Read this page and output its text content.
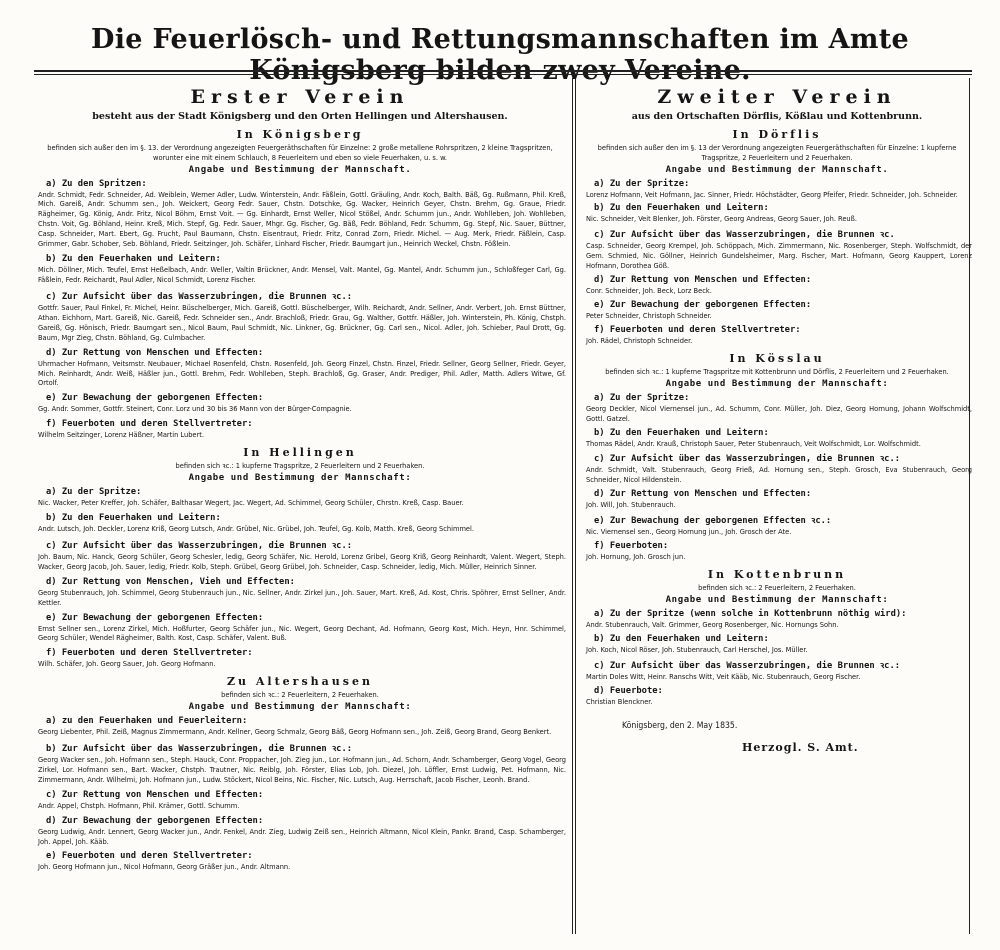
Die Feuerlösch- und Rettungsmannschaften im Amte
Erster Verein
besteht aus der Stadt Königsberg und den Orten Hellingen und Altershausen.
In Königsberg
befinden sich außer den im §. 13. der Verordnung angezeigten Feuergeräthschaften für Einzelne: 2 große metallene Rohrspritzen, 2 kleine Tragspritzen, worunter eine mit einem Schlauch, 8 Feuerleitern und eben so viele Feuerhaken, u. s. w.
Angabe und Bestimmung der Mannschaft.
a) Zu den Spritzen:
Andr. Schmidt, Fedr. Schneider, Ad. Weiblein, Werner Adler, Ludw. Winterstein, Andr. Fäßlein, Gottl. Gräuling, Andr. Koch, Balth. Bäß, Gg. Rußmann, Phil. Kreß, Mich. Gareiß, Andr. Schumm sen., Joh. Weickert, Georg Fedr. Sauer, Chstn. Dotschke, Gg. Wacker, Heinrich Geyer, Chstn. Brehm, Gg. Graue, Friedr. Rägheimer, Gg. König, Andr. Fritz, Nicol Böhm, Ernst Voit. — Gg. Einhardt, Ernst Weller, Nicol Stößel, Andr. Schumm jun., Andr. Wohlleben, Joh. Wohlleben, Chstn. Voit, Gg. Böhland, Heinr. Kreß, Mich. Stepf, Gg. Fedr. Sauer, Mhgr. Gg. Fischer, Gg. Bäß, Fedr. Böhland, Fedr. Schumm, Gg. Stepf, Nic. Sauer, Büttner, Casp. Schneider, Mart. Ebert, Gg. Frucht, Paul Baumann, Chstn. Eisentraut, Friedr. Fritz, Conrad Zorn, Friedr. Michel. — Aug. Merk, Friedr. Fäßlein, Casp. Grimmer, Gabr. Schober, Seb. Böhland, Friedr. Seitzinger, Joh. Schäfer, Linhard Fischer, Friedr. Baumgart jun., Heinrich Weckel, Chstn. Fößlein.
b) Zu den Feuerhaken und Leitern:
Mich. Döllner, Mich. Teufel, Ernst Heßelbach, Andr. Weller, Valtin Brückner, Andr. Mensel, Valt. Mantel, Gg. Mantel, Andr. Schumm jun., Schloßfeger Carl, Gg. Fäßlein, Fedr. Reichardt, Paul Adler, Nicol Schmidt, Lorenz Fischer.
c) Zur Aufsicht über das Wasserzubringen, die Brunnen ꝛc.:
Gottfr. Sauer, Paul Finkel, Fr. Michel, Heinr. Büschelberger, Mich. Gareiß, Gottl. Büschelberger, Wilh. Reichardt, Andr. Sellner, Andr. Verbert, Joh. Ernst Büttner, Athan. Eichhorn, Mart. Gareiß, Nic. Gareiß, Fedr. Schneider sen., Andr. Brachloß, Friedr. Grau, Gg. Walther, Gottfr. Häßler, Joh. Winterstein, Ph. König, Chstph. Gareiß, Gg. Hönisch, Friedr. Baumgart sen., Nicol Baum, Paul Schmidt, Nic. Linkner, Gg. Brückner, Gg. Carl sen., Nicol. Adler, Joh. Schieber, Paul Drott, Gg. Baum, Mgr Zieg, Chstn. Böhland, Gg. Culmbacher.
d) Zur Rettung von Menschen und Effecten:
Uhrmacher Hofmann, Veitsmstr. Neubauer, Michael Rosenfeld, Chstn. Rosenfeld, Joh. Georg Finzel, Chstn. Finzel, Friedr. Sellner, Georg Sellner, Friedr. Geyer, Mich. Reinhardt, Andr. Weiß, Häßler jun., Gottl. Brehm, Fedr. Wohlleben, Steph. Brachloß, Gg. Graser, Andr. Prediger, Phil. Adler, Matth. Adlers Witwe, Gf. Ortolf.
e) Zur Bewachung der geborgenen Effecten:
Gg. Andr. Sommer, Gottfr. Steinert, Conr. Lorz und 30 bis 36 Mann von der Bürger-Compagnie.
f) Feuerboten und deren Stellvertreter:
Wilhelm Seitzinger, Lorenz Häßner, Martin Lubert.
In Hellingen
befinden sich ꝛc.: 1 kupferne Tragspritze, 2 Feuerleitern und 2 Feuerhaken.
Angabe und Bestimmung der Mannschaft:
a) Zu der Spritze:
Nic. Wacker, Peter Kreffer, Joh. Schäfer, Balthasar Wegert, Jac. Wegert, Ad. Schimmel, Georg Schüler, Chrstn. Kreß, Casp. Bauer.
b) Zu den Feuerhaken und Leitern:
Andr. Lutsch, Joh. Deckler, Lorenz Kriß, Georg Lutsch, Andr. Grübel, Nic. Grübel, Joh. Teufel, Gg. Kolb, Matth. Kreß, Georg Schimmel.
c) Zur Aufsicht über das Wasserzubringen, die Brunnen ꝛc.:
Joh. Baum, Nic. Hanck, Georg Schüler, Georg Schesler, ledig, Georg Schäfer, Nic. Herold, Lorenz Gribel, Georg Kriß, Georg Reinhardt, Valent. Wegert, Steph. Wacker, Georg Jacob, Joh. Sauer, ledig, Friedr. Kolb, Steph. Grübel, Georg Grübel, Joh. Schneider, Casp. Schneider, ledig, Mich. Müller, Heinrich Sinner.
d) Zur Rettung von Menschen, Vieh und Effecten:
Georg Stubenrauch, Joh. Schimmel, Georg Stubenrauch jun., Nic. Sellner, Andr. Zirkel jun., Joh. Sauer, Mart. Kreß, Ad. Kost, Chris. Spöhrer, Ernst Sellner, Andr. Kettler.
e) Zur Bewachung der geborgenen Effecten:
Ernst Sellner sen., Lorenz Zirkel, Mich. Hoßfurter, Georg Schäfer jun., Nic. Wegert, Georg Dechant, Ad. Hofmann, Georg Kost, Mich. Heyn, Hnr. Schimmel, Georg Schüler, Wendel Rägheimer, Balth. Kost, Casp. Schäfer, Valent. Buß.
f) Feuerboten und deren Stellvertreter:
Wilh. Schäfer, Joh. Georg Sauer, Joh. Georg Hofmann.
Zu Altershausen
befinden sich ꝛc.: 2 Feuerleitern, 2 Feuerhaken.
Angabe und Bestimmung der Mannschaft:
a) zu den Feuerhaken und Feuerleitern:
Georg Liebenter, Phil. Zeiß, Magnus Zimmermann, Andr. Kellner, Georg Schmalz, Georg Bäß, Georg Hofmann sen., Joh. Zeiß, Georg Brand, Georg Benkert.
b) Zur Aufsicht über das Wasserzubringen, die Brunnen ꝛc.:
Georg Wacker sen., Joh. Hofmann sen., Steph. Hauck, Conr. Proppacher, Joh. Zieg jun., Lor. Hofmann jun., Ad. Schorn, Andr. Schamberger, Georg Vogel, Georg Zirkel, Lor. Hofmann sen., Bart. Wacker, Chstph. Trautner, Nic. Reiblg, Joh. Förster, Elias Lob, Joh. Diezel, Joh. Löffler, Ernst Ludwig, Pet. Hofmann, Nic. Zimmermann, Andr. Wilhelmi, Joh. Hofmann jun., Ludw. Stöckert, Nicol Beins, Nic. Fischer, Nic. Lutsch, Aug. Herrschaft, Jacob Fischer, Leonh. Brand.
c) Zur Rettung von Menschen und Effecten:
Andr. Appel, Chstph. Hofmann, Phil. Krämer, Gottl. Schumm.
d) Zur Bewachung der geborgenen Effecten:
Georg Ludwig, Andr. Lennert, Georg Wacker jun., Andr. Fenkel, Andr. Zieg, Ludwig Zeiß sen., Heinrich Altmann, Nicol Klein, Pankr. Brand, Casp. Schamberger, Joh. Appel, Joh. Kääb.
e) Feuerboten und deren Stellvertreter:
Joh. Georg Hofmann jun., Nicol Hofmann, Georg Gräßer jun., Andr. Altmann.
Zweiter Verein
aus den Ortschaften Dörflis, Kößlau und Kottenbrunn.
In Dörflis
befinden sich außer den im §. 13 der Verordnung angezeigten Feuergeräthschaften für Einzelne: 1 kupferne Tragspritze, 2 Feuerleitern und 2 Feuerhaken.
Angabe und Bestimmung der Mannschaft.
a) Zu der Spritze:
Lorenz Hofmann, Veit Hofmann, Jac. Sinner, Friedr. Höchstädter, Georg Pfeifer, Friedr. Schneider, Joh. Schneider.
b) Zu den Feuerhaken und Leitern:
Nic. Schneider, Veit Blenker, Joh. Förster, Georg Andreas, Georg Sauer, Joh. Reuß.
c) Zur Aufsicht über das Wasserzubringen, die Brunnen ꝛc.
Casp. Schneider, Georg Krempel, Joh. Schöppach, Mich. Zimmermann, Nic. Rosenberger, Steph. Wolfschmidt, der Gem. Schmied, Nic. Göllner, Heinrich Gundelsheimer, Marg. Fischer, Mart. Hofmann, Georg Kauppert, Lorenz Hofmann, Dorothea Göß.
d) Zur Rettung von Menschen und Effecten:
Conr. Schneider, Joh. Beck, Lorz Beck.
e) Zur Bewachung der geborgenen Effecten:
Peter Schneider, Christoph Schneider.
f) Feuerboten und deren Stellvertreter:
Joh. Rädel, Christoph Schneider.
In Kösslau
befinden sich ꝛc.: 1 kupferne Tragspritze mit Kottenbrunn und Dörflis, 2 Feuerleitern und 2 Feuerhaken.
Angabe und Bestimmung der Mannschaft:
a) Zu der Spritze:
Georg Deckler, Nicol Viernensel jun., Ad. Schumm, Conr. Müller, Joh. Diez, Georg Hornung, Johann Wolfschmidt, Gottl. Gatzel.
b) Zu den Feuerhaken und Leitern:
Thomas Rädel, Andr. Krauß, Christoph Sauer, Peter Stubenrauch, Veit Wolfschmidt, Lor. Wolfschmidt.
c) Zur Aufsicht über das Wasserzubringen, die Brunnen ꝛc.:
Andr. Schmidt, Valt. Stubenrauch, Georg Frieß, Ad. Hornung sen., Steph. Grosch, Eva Stubenrauch, Georg Schneider, Nicol Hildenstein.
d) Zur Rettung von Menschen und Effecten:
Joh. Will, Joh. Stubenrauch.
e) Zur Bewachung der geborgenen Effecten ꝛc.:
Nic. Viernensel sen., Georg Hornung jun., Joh. Grosch der Ate.
f) Feuerboten:
Joh. Hornung, Joh. Grosch jun.
In Kottenbrunn
befinden sich ꝛc.: 2 Feuerleitern, 2 Feuerhaken.
Angabe und Bestimmung der Mannschaft:
a) Zu der Spritze (wenn solche in Kottenbrunn nöthig wird):
Andr. Stubenrauch, Valt. Grimmer, Georg Rosenberger, Nic. Hornungs Sohn.
b) Zu den Feuerhaken und Leitern:
Joh. Koch, Nicol Röser, Joh. Stubenrauch, Carl Herschel, Jos. Müller.
c) Zur Aufsicht über das Wasserzubringen, die Brunnen ꝛc.:
Martin Doles Witt, Heinr. Ranschs Witt, Veit Kääb, Nic. Stubenrauch, Georg Fischer.
d) Feuerbote:
Christian Blenckner.
Königsberg, den 2. May 1835.
Herzogl. S. Amt.
